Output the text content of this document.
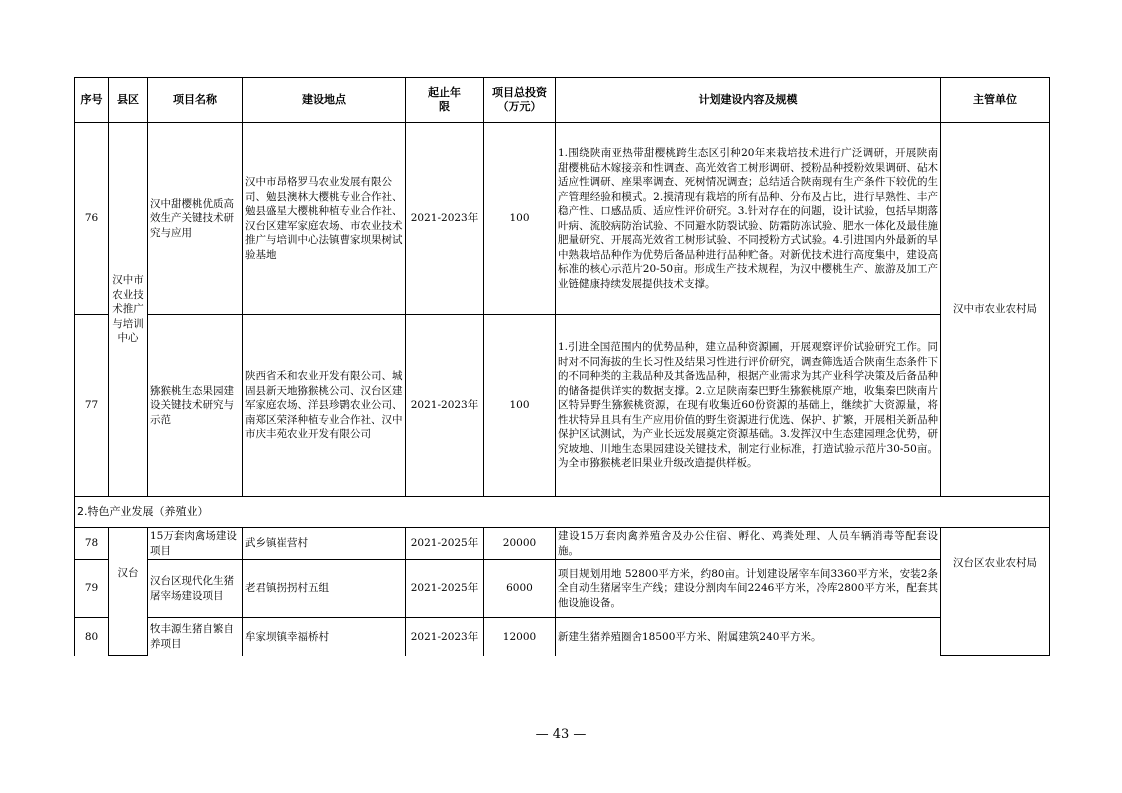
序号	县区	项目名称	建设地点	起止年限	项目总投资（万元）	计划建设内容及规模	主管单位
76	汉中市农业技术推广与培训中心	汉中甜樱桃优质高效生产关键技术研究与应用	汉中市昂格罗马农业发展有限公司、勉县澳林大樱桃专业合作社、勉县盛星大樱桃种植专业合作社、汉台区建军家庭农场、市农业技术推广与培训中心法镇曹家坝果树试验基地	2021-2023年	100	1.围绕陕南亚热带甜樱桃跨生态区引种20年来栽培技术进行广泛调研，开展陕南甜樱桃砧木嫁接亲和性调查、高光效省工树形调研、授粉品种授粉效果调研、砧木适应性调研、座果率调查、死树情况调查；总结适合陕南现有生产条件下较优的生产管理经验和模式。2.摸清现有栽培的所有品种、分布及占比，进行早熟性、丰产稳产性、口感品质、适应性评价研究。3.针对存在的问题，设计试验，包括早期落叶病、流胶病防治试验、不同避水防裂试验、防霜防冻试验、肥水一体化及最佳施肥量研究、开展高光效省工树形试验、不同授粉方式试验。4.引进国内外最新的早中熟栽培品种作为优势后备品种进行品种贮备。对新优技术进行高度集中，建设高标准的核心示范片20-50亩。形成生产技术规程，为汉中樱桃生产、旅游及加工产业链健康持续发展提供技术支撑。	汉中市农业农村局
77		猕猴桃生态果园建设关键技术研究与示范	陕西省禾和农业开发有限公司、城固县新天地猕猴桃公司、汉台区建军家庭农场、洋县珍鹮农业公司、南郑区荣泽种植专业合作社、汉中市庆丰苑农业开发有限公司	2021-2023年	100	1.引进全国范围内的优势品种，建立品种资源圃，开展观察评价试验研究工作。同时对不同海拔的生长习性及结果习性进行评价研究，调查筛选适合陕南生态条件下的不同种类的主栽品种及其备选品种，根据产业需求为其产业科学决策及后备品种的储备提供详实的数据支撑。2.立足陕南秦巴野生猕猴桃原产地，收集秦巴陕南片区特异野生猕猴桃资源，在现有收集近60份资源的基础上，继续扩大资源量，将性状特异且具有生产应用价值的野生资源进行优选、保护、扩繁，开展相关新品种保护区试测试，为产业长远发展奠定资源基础。3.发挥汉中生态建园理念优势，研究坡地、川地生态果园建设关键技术，制定行业标准，打造试验示范片30-50亩。为全市猕猴桃老旧果业升级改造提供样板。	
2.特色产业发展（养殖业）							
78	汉台	15万套肉禽场建设项目	武乡镇崔营村	2021-2025年	20000	建设15万套肉禽养殖舍及办公住宿、孵化、鸡粪处理、人员车辆消毒等配套设施。	汉台区农业农村局
79		汉台区现代化生猪屠宰场建设项目	老君镇拐拐村五组	2021-2025年	6000	项目规划用地 52800平方米，约80亩。计划建设屠宰车间3360平方米，安装2条全自动生猪屠宰生产线；建设分割肉车间2246平方米，冷库2800平方米，配套其他设施设备。	
80		牧丰源生猪自繁自养项目	牟家坝镇幸福桥村	2021-2023年	12000	新建生猪养殖圈舍18500平方米、附属建筑240平方米。	
— 43 —
